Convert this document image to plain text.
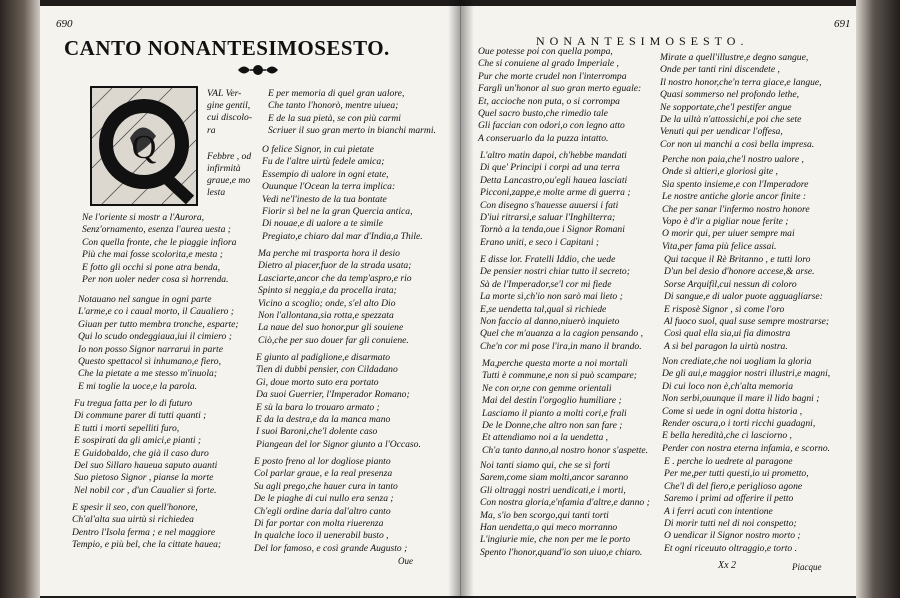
690
CANTO NONANTESIMOSESTO.
Q
VAL Ver-
gine gentil,
cui discolo-
ra
Febbre , od
infirmità
graue,e mo
lesta
Ne l'oriente si mostr a l'Aurora,
Senz'ornamento, esenza l'aurea uesta ;
Con quella fronte, che le piaggie infiora
Più che mai fosse scolorita,e mesta ;
E fotto gli occhi si pone atra benda,
Per non uoler neder cosa sì horrenda.
Notauano nel sangue in ogni parte
L'arme,e co i caual morto, il Caualiero ;
Giuan per tutto membra tronche, esparte;
Qui lo scudo ondeggiaua,iui il cimiero ;
Io non posso Signor narrarui in parte
Questo spettacol sì inhumano,e fiero,
Che la pietate a me stesso m'inuola;
E mi toglie la uoce,e la parola.
Fu tregua fatta per lo di futuro
Di commune parer di tutti quanti ;
E tutti i morti sepelliti furo,
E sospirati da gli amici,e pianti ;
E Guidobaldo, che già il caso duro
Del suo Sillaro haueua saputo auanti
Suo pietoso Signor , pianse la morte
Nel nobil cor , d'un Caualier sì forte.
E spesir il seo, con quell'honore,
Ch'al'alta sua uirtù si richiedea
Dentro l'Isola ferma ; e nel maggiore
Tempio, e più bel, che la cittate hauea;
E per memoria di quel gran ualore,
Che tanto l'honorò, mentre uiuea;
E de la sua pietà, se con più carmi
Scriuer il suo gran merto in bianchi marmi.
O felice Signor, in cui pietate
Fu de l'altre uirtù fedele amica;
Essempio di ualore in ogni etate,
Ouunque l'Ocean la terra implica:
Vedi ne'l'inesto de la tua bontate
Fiorir sì bel ne la gran Quercia antica,
Di nouae,e di ualore a te simile
Pregiato,e chiaro dal mar d'India,a Thile.
Ma perche mi trasporta hora il desio
Dietro al piacer,fuor de la strada usata;
Lasciarte,ancor che da temp'aspro,e rio
Spinto si neggia,e da procella irata;
Vicino a scoglio; onde, s'el alto Dio
Non l'allontana,sia rotta,e spezzata
La naue del suo honor,pur gli souiene
Ciò,che per suo douer far gli conuiene.
E giunto al padiglione,e disarmato
Tien di dubbi pensier, con Cildadano
Gi, doue morto suto era portato
Da suoi Guerrier, l'Imperador Romano;
E sù la bara lo trouaro armato ;
E da la destra,e da la manca mano
I suoi Baroni,che'l dolente caso
Piangean del lor Signor giunto a l'Occaso.
E posto freno al lor dogliose pianto
Col parlar graue, e la real presenza
Su agli prego,che hauer cura in tanto
De le piaghe di cui nullo era senza ;
Ch'egli ordine daria dal'altro canto
Di far portar con molta riuerenza
In qualche loco il uenerabil busto ,
Del lor famoso, e così grande Augusto ;
Oue
NONANTESIMOSESTO.
691
Oue potesse poi con quella pompa,
Che si conuiene al grado Imperiale ,
Pur che morte crudel non l'interrompa
Farglì un'honor al suo gran merto eguale:
Et, accioche non puta, o si corrompa
Quel sacro busto,che rimedio tale
Gli faccian con odori,o con legno atto
A conseruarlo da la puzza intatto.
L'altro matin dapoi, ch'hebbe mandati
Di que' Principi i corpi ad una terra
Detta Lancastro,ou'egli hauea lasciati
Picconi,zappe,e molte arme di guerra ;
Con disegno s'hauesse auuersi i fati
D'iui ritrarsi,e saluar l'Inghilterra;
Tornò a la tenda,oue i Signor Romani
Erano uniti, e seco i Capitani ;
E disse lor. Fratelli Iddio, che uede
De pensier nostri chiar tutto il secreto;
Sà de l'Imperador,se'l cor mi fiede
La morte sì,ch'io non sarò mai lieto ;
E,se uendetta tal,qual sì richiede
Non faccio al danno,niuerò inquieto
Quel che m'auanza a la cagion pensando ,
Che'n cor mi pose l'ira,in mano il brando.
Ma,perche questa morte a noi mortali
Tutti è commune,e non si può scampare;
Ne con or,ne con gemme orientali
Mai del destin l'orgoglio humiliare ;
Lasciamo il pianto a molti cori,e frali
De le Donne,che altro non san fare ;
Et attendiamo noi a la uendetta ,
Ch'a tanto danno,al nostro honor s'aspette.
Noi tanti siamo qui, che se sì forti
Sarem,come siam molti,ancor saranno
Gli oltraggi nostri uendicati,e i morti,
Con nostra gloria,e'nfamia d'altre,e danno ;
Ma, s'io ben scorgo,qui tanti torti
Han uendetta,o qui meco morranno
L'ingiurie mie, che non per me le porto
Spento l'honor,quand'io son uiuo,e chiaro.
Mirate a quell'illustre,e degno sangue,
Onde per tanti rini discendete ,
Il nostro honor,che'n terra giace,e langue,
Quasi sommerso nel profondo lethe,
Ne sopportate,che'l pestifer angue
De la uiltà n'attossichi,e poi che sete
Venuti qui per uendicar l'offesa,
Cor non ui manchi a così bella impresa.
Perche non paia,che'l nostro ualore ,
Onde sì altieri,e gloriosi gite ,
Sia spento insieme,e con l'Imperadore
Le nostre antiche glorie ancor finite :
Che per sanar l'infermo nostro honore
Vopo è d'ir a pigliar noue ferite ;
O morir qui, per uiuer sempre mai
Vita,per fama più felice assai.
Qui tacque il Rè Britanno , e tutti loro
D'un bel desio d'honore accese,& arse.
Sorse Arquifil,cui nessun di coloro
Di sangue,e di ualor puote agguagliarse:
E risposè Signor , sì come l'oro
Al fuoco suol, qual suse sempre mostrarse;
Così qual ella sia,ui fia dimostra
A sì bel paragon la uirtù nostra.
Non crediate,che noi uogliam la gloria
De gli aui,e maggior nostri illustri,e magni,
Di cui loco non è,ch'alta memoria
Non serbi,ouunque il mare il lido bagni ;
Come si uede in ogni dotta historia ,
Render oscura,o i torti ricchi guadagni,
E bella heredità,che ci lasciorno ,
Perder con nostra eterna infamia, e scorno.
E . perche lo uedrete al paragone
Per me,per tutti questi,io ui prometto,
Che'l dì del fiero,e periglioso agone
Saremo i primi ad offerire il petto
A i ferri acuti con intentione
Di morir tutti nel di noi conspetto;
O uendicar il Signor nostro morto ;
Et ogni riceuuto oltraggio,e torto .
Xx 2	Piacque
